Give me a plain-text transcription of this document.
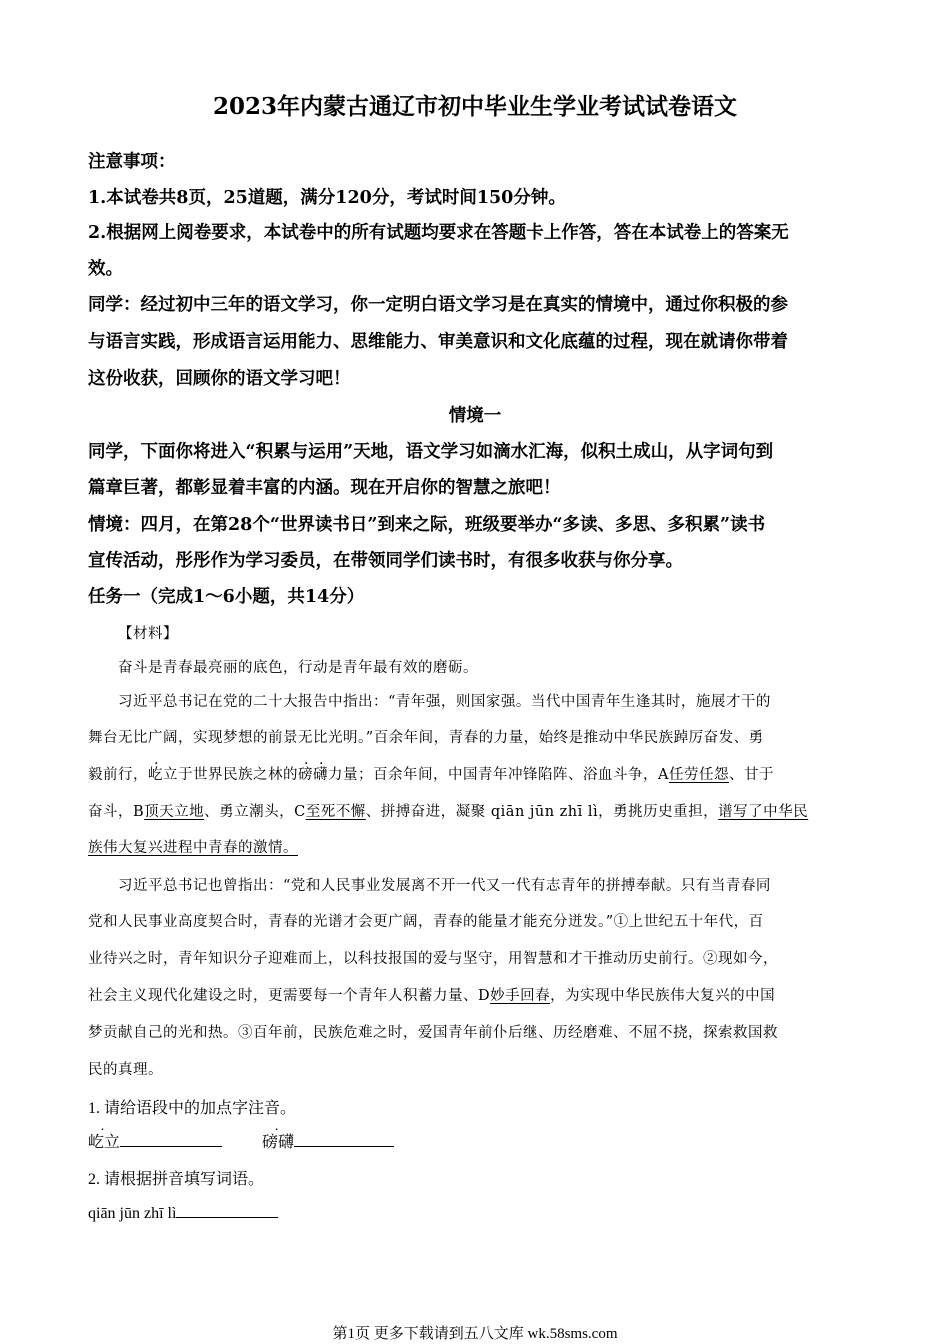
2023年内蒙古通辽市初中毕业生学业考试试卷语文
注意事项：
1.本试卷共8页，25道题，满分120分，考试时间150分钟。
2.根据网上阅卷要求，本试卷中的所有试题均要求在答题卡上作答，答在本试卷上的答案无
效。
同学：经过初中三年的语文学习，你一定明白语文学习是在真实的情境中，通过你积极的参
与语言实践，形成语言运用能力、思维能力、审美意识和文化底蕴的过程，现在就请你带着
这份收获，回顾你的语文学习吧！
情境一
同学，下面你将进入“积累与运用”天地，语文学习如滴水汇海，似积土成山，从字词句到
篇章巨著，都彰显着丰富的内涵。现在开启你的智慧之旅吧！
情境：四月，在第28个“世界读书日”到来之际，班级要举办“多读、多思、多积累”读书
宣传活动，彤彤作为学习委员，在带领同学们读书时，有很多收获与你分享。
任务一（完成1～6小题，共14分）
【材料】
奋斗是青春最亮丽的底色，行动是青年最有效的磨砺。
习近平总书记在党的二十大报告中指出：“青年强，则国家强。当代中国青年生逢其时，施展才干的
舞台无比广阔，实现梦想的前景无比光明。”百余年间，青春的力量，始终是推动中华民族踔厉奋发、勇
毅前行，屹立于世界民族之林的磅礴力量；百余年间，中国青年冲锋陷阵、浴血斗争，A任劳任怨、甘于
奋斗，B顶天立地、勇立潮头，C至死不懈、拼搏奋进，凝聚 qiān jūn zhī lì，勇挑历史重担，谱写了中华民
族伟大复兴进程中青春的激情。
习近平总书记也曾指出：“党和人民事业发展离不开一代又一代有志青年的拼搏奉献。只有当青春同
党和人民事业高度契合时，青春的光谱才会更广阔，青春的能量才能充分迸发。”①上世纪五十年代，百
业待兴之时，青年知识分子迎难而上，以科技报国的爱与坚守，用智慧和才干推动历史前行。②现如今，
社会主义现代化建设之时，更需要每一个青年人积蓄力量、D妙手回春，为实现中华民族伟大复兴的中国
梦贡献自己的光和热。③百年前，民族危难之时，爱国青年前仆后继、历经磨难、不屈不挠，探索救国救
民的真理。
1. 请给语段中的加点字注音。
屹立	磅礴
2. 请根据拼音填写词语。
qiān jūn zhī lì
第1页 更多下载请到五八文库 wk.58sms.com
